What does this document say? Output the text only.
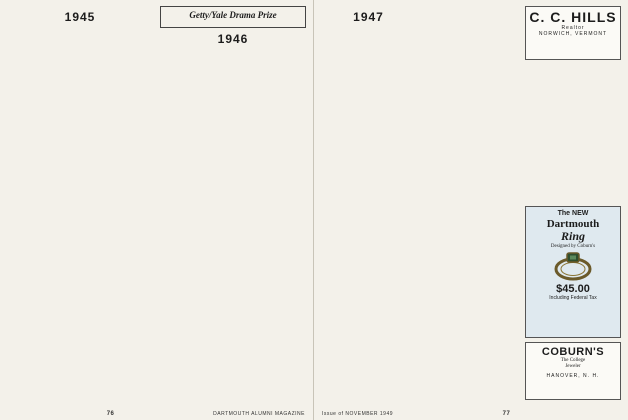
1945	Getty/Yale Drama Prize

1946

76	DARTMOUTH ALUMNI MAGAZINE

1947	C. C. HILLS
Realtor
NORWICH, VERMONT

The NEW
Dartmouth
Ring
Designed by Coburn's
$45.00
Including Federal Tax
COBURN'S
The College
Jeweler
HANOVER, N. H.
Issue of NOVEMBER 1949	77
